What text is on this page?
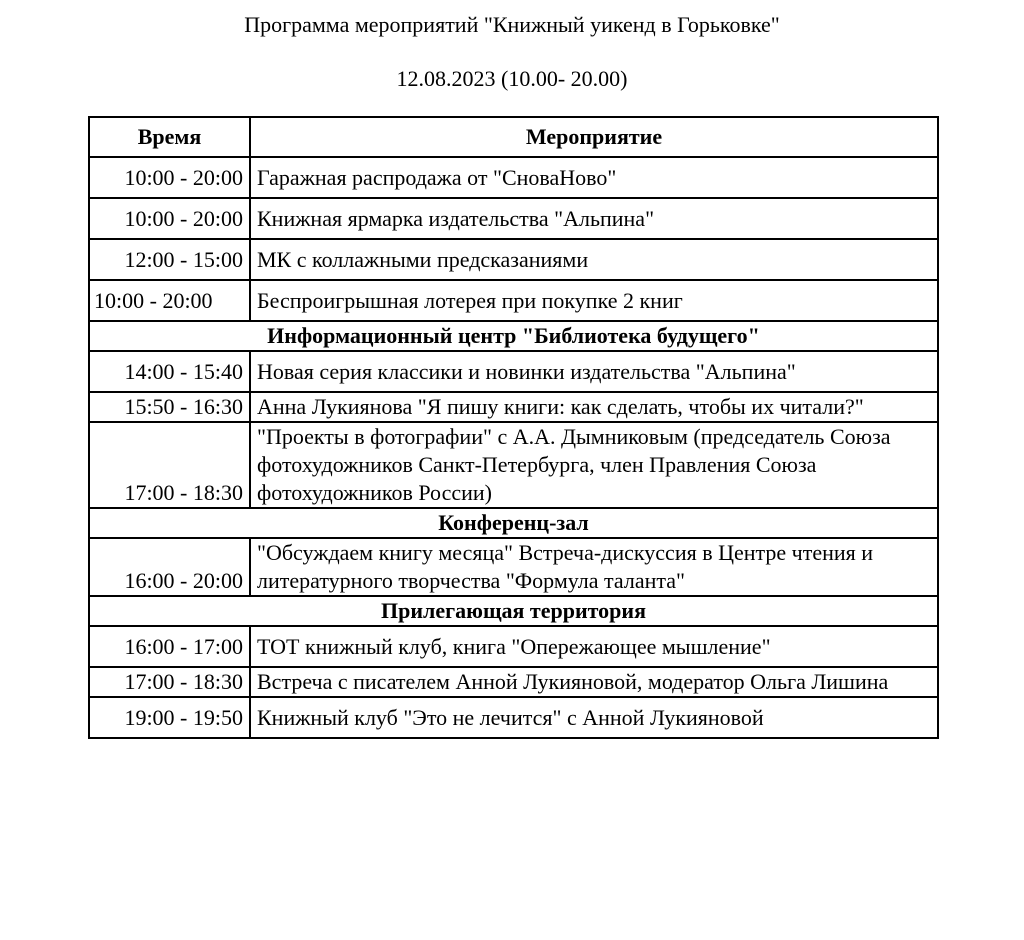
Программа мероприятий "Книжный уикенд в Горьковке"
12.08.2023 (10.00- 20.00)
Время	Мероприятие
10:00 - 20:00	Гаражная распродажа от "СноваНово"
10:00 - 20:00	Книжная ярмарка издательства "Альпина"
12:00 - 15:00	МК с коллажными предсказаниями
10:00 - 20:00	Беспроигрышная лотерея при покупке 2 книг
Информационный центр "Библиотека будущего"	
14:00 - 15:40	Новая серия классики и новинки издательства "Альпина"
15:50 - 16:30	Анна Лукиянова "Я пишу книги: как сделать, чтобы их читали?"
17:00 - 18:30	"Проекты в фотографии" с А.А. Дымниковым (председатель Союза фотохудожников Санкт-Петербурга, член Правления Союза фотохудожников России)
Конференц-зал	
16:00 - 20:00	"Обсуждаем книгу месяца" Встреча-дискуссия в Центре чтения и литературного творчества "Формула таланта"
Прилегающая территория	
16:00 - 17:00	ТОТ книжный клуб, книга "Опережающее мышление"
17:00 - 18:30	Встреча с писателем Анной Лукияновой, модератор Ольга Лишина
19:00 - 19:50	Книжный клуб "Это не лечится" с Анной Лукияновой
